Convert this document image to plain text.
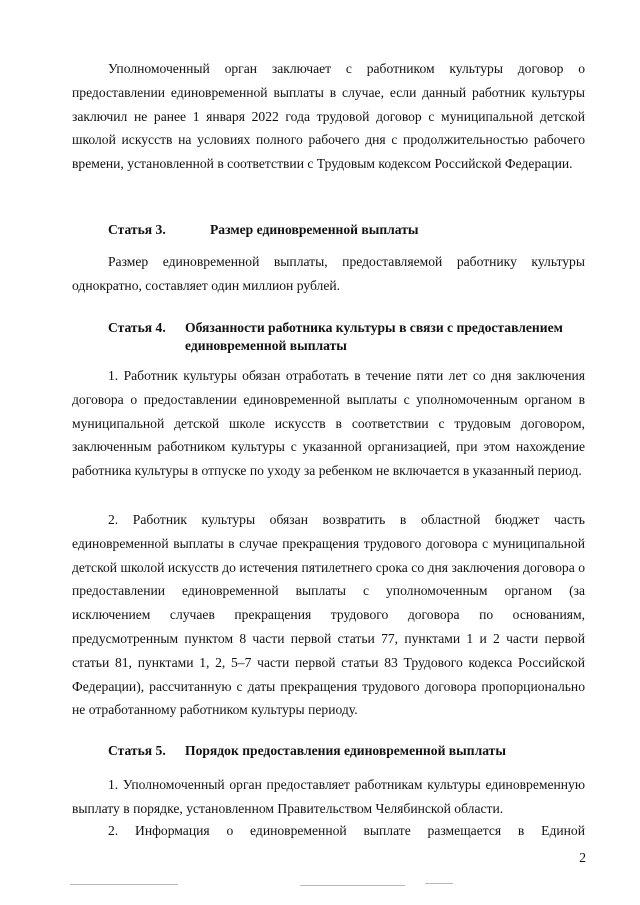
Уполномоченный орган заключает с работником культуры договор о предоставлении единовременной выплаты в случае, если данный работник культуры заключил не ранее 1 января 2022 года трудовой договор с муниципальной детской школой искусств на условиях полного рабочего дня с продолжительностью рабочего времени, установленной в соответствии с Трудовым кодексом Российской Федерации.

Статья 3.	Размер единовременной выплаты

Размер единовременной выплаты, предоставляемой работнику культуры однократно, составляет один миллион рублей.

Статья 4.	Обязанности работника культуры в связи с предоставлением единовременной выплаты

1. Работник культуры обязан отработать в течение пяти лет со дня заключения договора о предоставлении единовременной выплаты с уполномоченным органом в муниципальной детской школе искусств в соответствии с трудовым договором, заключенным работником культуры с указанной организацией, при этом нахождение работника культуры в отпуске по уходу за ребенком не включается в указанный период.

2. Работник культуры обязан возвратить в областной бюджет часть единовременной выплаты в случае прекращения трудового договора с муниципальной детской школой искусств до истечения пятилетнего срока со дня заключения договора о предоставлении единовременной выплаты с уполномоченным органом (за исключением случаев прекращения трудового договора по основаниям, предусмотренным пунктом 8 части первой статьи 77, пунктами 1 и 2 части первой статьи 81, пунктами 1, 2, 5–7 части первой статьи 83 Трудового кодекса Российской Федерации), рассчитанную с даты прекращения трудового договора пропорционально не отработанному работником культуры периоду.

Статья 5.	Порядок предоставления единовременной выплаты

1. Уполномоченный орган предоставляет работникам культуры единовременную выплату в порядке, установленном Правительством Челябинской области.

2. Информация о единовременной выплате размещается в Единой

2
